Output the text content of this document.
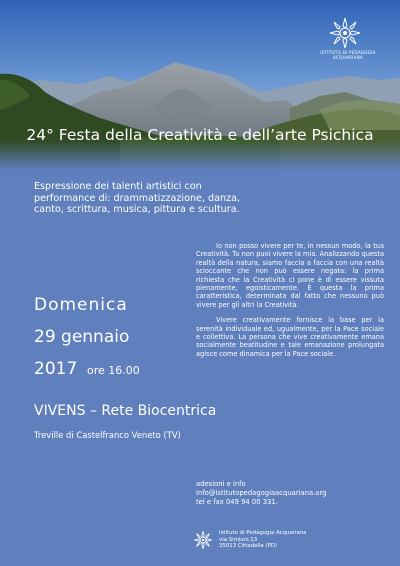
ISTITUTO DI PEDAGOGIA ACQUARIANA
24° Festa della Creatività e dell’arte Psichica
Espressione dei talenti artistici con performance di: drammatizzazione, danza, canto, scrittura, musica, pittura e scultura.

Io non posso vivere per te, in nessun modo, la tua Creatività. Tu non puoi vivere la mia. Analizzando questa realtà della natura, siamo faccia a faccia con una realtà scioccante che non può essere negata: la prima richiesta che la Creatività ci pone è di essere vissuta pienamente, egoisticamente. È questa la prima caratteristica, determinata dal fatto che nessuno può vivere per gli altri la Creatività.

Vivere creativamente fornisce la base per la serenità individuale ed, ugualmente, per la Pace sociale e collettiva. La persona che vive creativamente emana socialmente beatitudine e tale emanazione prolungata agisce come dinamica per la Pace sociale.

Domenica
29 gennaio
2017 ore 16.00
VIVENS – Rete Biocentrica
Treville di Castelfranco Veneto (TV)
adesioni e info
info@istitutopedagogiaacquariana.org
tel e fax 049 94 00 331.
Istituto di Pedagogia Acquariana
via Simioni,13
35013 Cittadella (PD)
